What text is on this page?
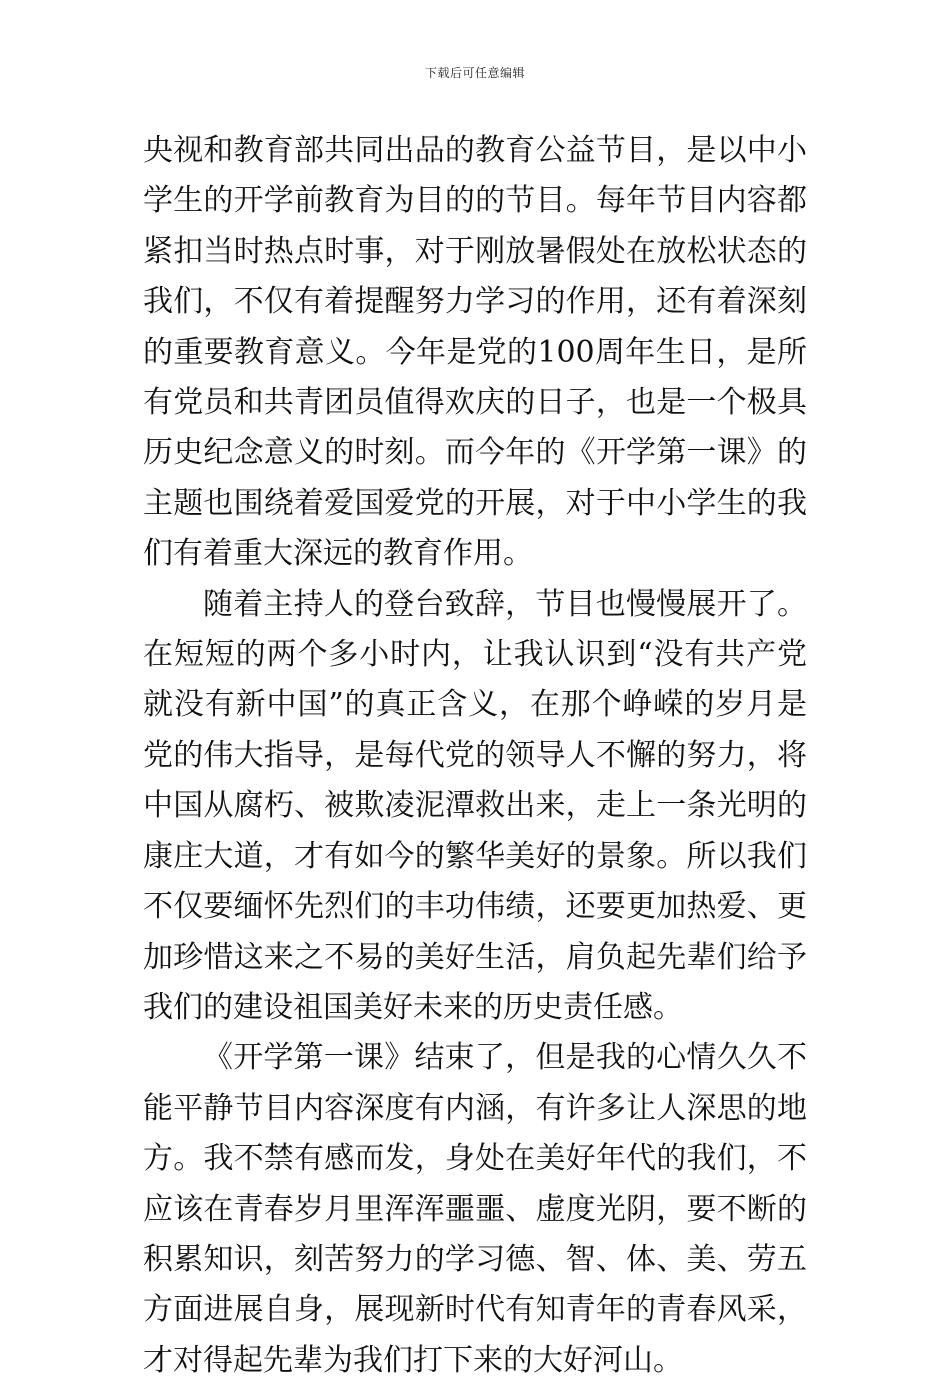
下载后可任意编辑

央视和教育部共同出品的教育公益节目，是以中小学生的开学前教育为目的的节目。每年节目内容都紧扣当时热点时事，对于刚放暑假处在放松状态的我们，不仅有着提醒努力学习的作用，还有着深刻的重要教育意义。今年是党的100周年生日，是所有党员和共青团员值得欢庆的日子，也是一个极具历史纪念意义的时刻。而今年的《开学第一课》的主题也围绕着爱国爱党的开展，对于中小学生的我们有着重大深远的教育作用。

随着主持人的登台致辞，节目也慢慢展开了。在短短的两个多小时内，让我认识到“没有共产党就没有新中国”的真正含义，在那个峥嵘的岁月是党的伟大指导，是每代党的领导人不懈的努力，将中国从腐朽、被欺凌泥潭救出来，走上一条光明的康庄大道，才有如今的繁华美好的景象。所以我们不仅要缅怀先烈们的丰功伟绩，还要更加热爱、更加珍惜这来之不易的美好生活，肩负起先辈们给予我们的建设祖国美好未来的历史责任感。

《开学第一课》结束了，但是我的心情久久不能平静节目内容深度有内涵，有许多让人深思的地方。我不禁有感而发，身处在美好年代的我们，不应该在青春岁月里浑浑噩噩、虚度光阴，要不断的积累知识，刻苦努力的学习德、智、体、美、劳五方面进展自身，展现新时代有知青年的青春风采，才对得起先辈为我们打下来的大好河山。
